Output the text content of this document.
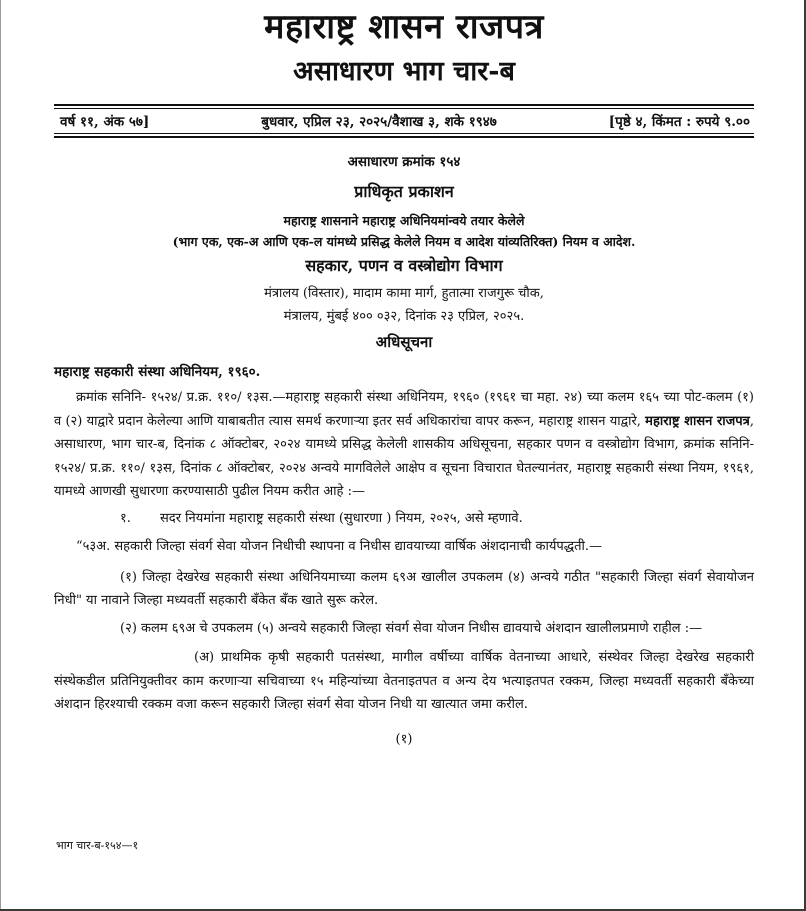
महाराष्ट्र शासन राजपत्र
असाधारण भाग चार-ब
वर्ष ११, अंक ५७]	बुधवार, एप्रिल २३, २०२५/वैशाख ३, शके १९४७	[पृष्ठे ४, किंमत : रुपये ९.००
असाधारण क्रमांक १५४
प्राधिकृत प्रकाशन
महाराष्ट्र शासनाने महाराष्ट्र अधिनियमांन्वये तयार केलेले
(भाग एक, एक-अ आणि एक-ल यांमध्ये प्रसिद्ध केलेले नियम व आदेश यांव्यतिरिक्त) नियम व आदेश.
सहकार, पणन व वस्त्रोद्योग विभाग
मंत्रालय (विस्तार), मादाम कामा मार्ग, हुतात्मा राजगुरू चौक,
मंत्रालय, मुंबई ४०० ०३२, दिनांक २३ एप्रिल, २०२५.
अधिसूचना
महाराष्ट्र सहकारी संस्था अधिनियम, १९६०.
क्रमांक सनिनि- १५२४/ प्र.क्र. ११०/ १३स.—महाराष्ट्र सहकारी संस्था अधिनियम, १९६० (१९६१ चा महा. २४) च्या कलम १६५ च्या पोट-कलम (१) व (२) याद्वारे प्रदान केलेल्या आणि याबाबतीत त्यास समर्थ करणाऱ्या इतर सर्व अधिकारांचा वापर करून, महाराष्ट्र शासन याद्वारे, महाराष्ट्र शासन राजपत्र, असाधारण, भाग चार-ब, दिनांक ८ ऑक्टोबर, २०२४ यामध्ये प्रसिद्ध केलेली शासकीय अधिसूचना, सहकार पणन व वस्त्रोद्योग विभाग, क्रमांक सनिनि- १५२४/ प्र.क्र. ११०/ १३स, दिनांक ८ ऑक्टोबर, २०२४ अन्वये मागविलेले आक्षेप व सूचना विचारात घेतल्यानंतर, महाराष्ट्र सहकारी संस्था नियम, १९६१, यामध्ये आणखी सुधारणा करण्यासाठी पुढील नियम करीत आहे :—
१. सदर नियमांना महाराष्ट्र सहकारी संस्था (सुधारणा ) नियम, २०२५, असे म्हणावे.
“५३अ. सहकारी जिल्हा संवर्ग सेवा योजन निधीची स्थापना व निधीस द्यावयाच्या वार्षिक अंशदानाची कार्यपद्धती.—
(१) जिल्हा देखरेख सहकारी संस्था अधिनियमाच्या कलम ६९अ खालील उपकलम (४) अन्वये गठीत "सहकारी जिल्हा संवर्ग सेवायोजन निधी" या नावाने जिल्हा मध्यवर्ती सहकारी बँकेत बँक खाते सुरू करेल.
(२) कलम ६९अ चे उपकलम (५) अन्वये सहकारी जिल्हा संवर्ग सेवा योजन निधीस द्यावयाचे अंशदान खालीलप्रमाणे राहील :—
(अ) प्राथमिक कृषी सहकारी पतसंस्था, मागील वर्षीच्या वार्षिक वेतनाच्या आधारे, संस्थेवर जिल्हा देखरेख सहकारी संस्थेकडील प्रतिनियुक्तीवर काम करणाऱ्या सचिवाच्या १५ महिन्यांच्या वेतनाइतपत व अन्य देय भत्याइतपत रक्कम, जिल्हा मध्यवर्ती सहकारी बँकेच्या अंशदान हिरश्याची रक्कम वजा करून सहकारी जिल्हा संवर्ग सेवा योजन निधी या खात्यात जमा करील.
(१)
भाग चार-ब-१५४—१
